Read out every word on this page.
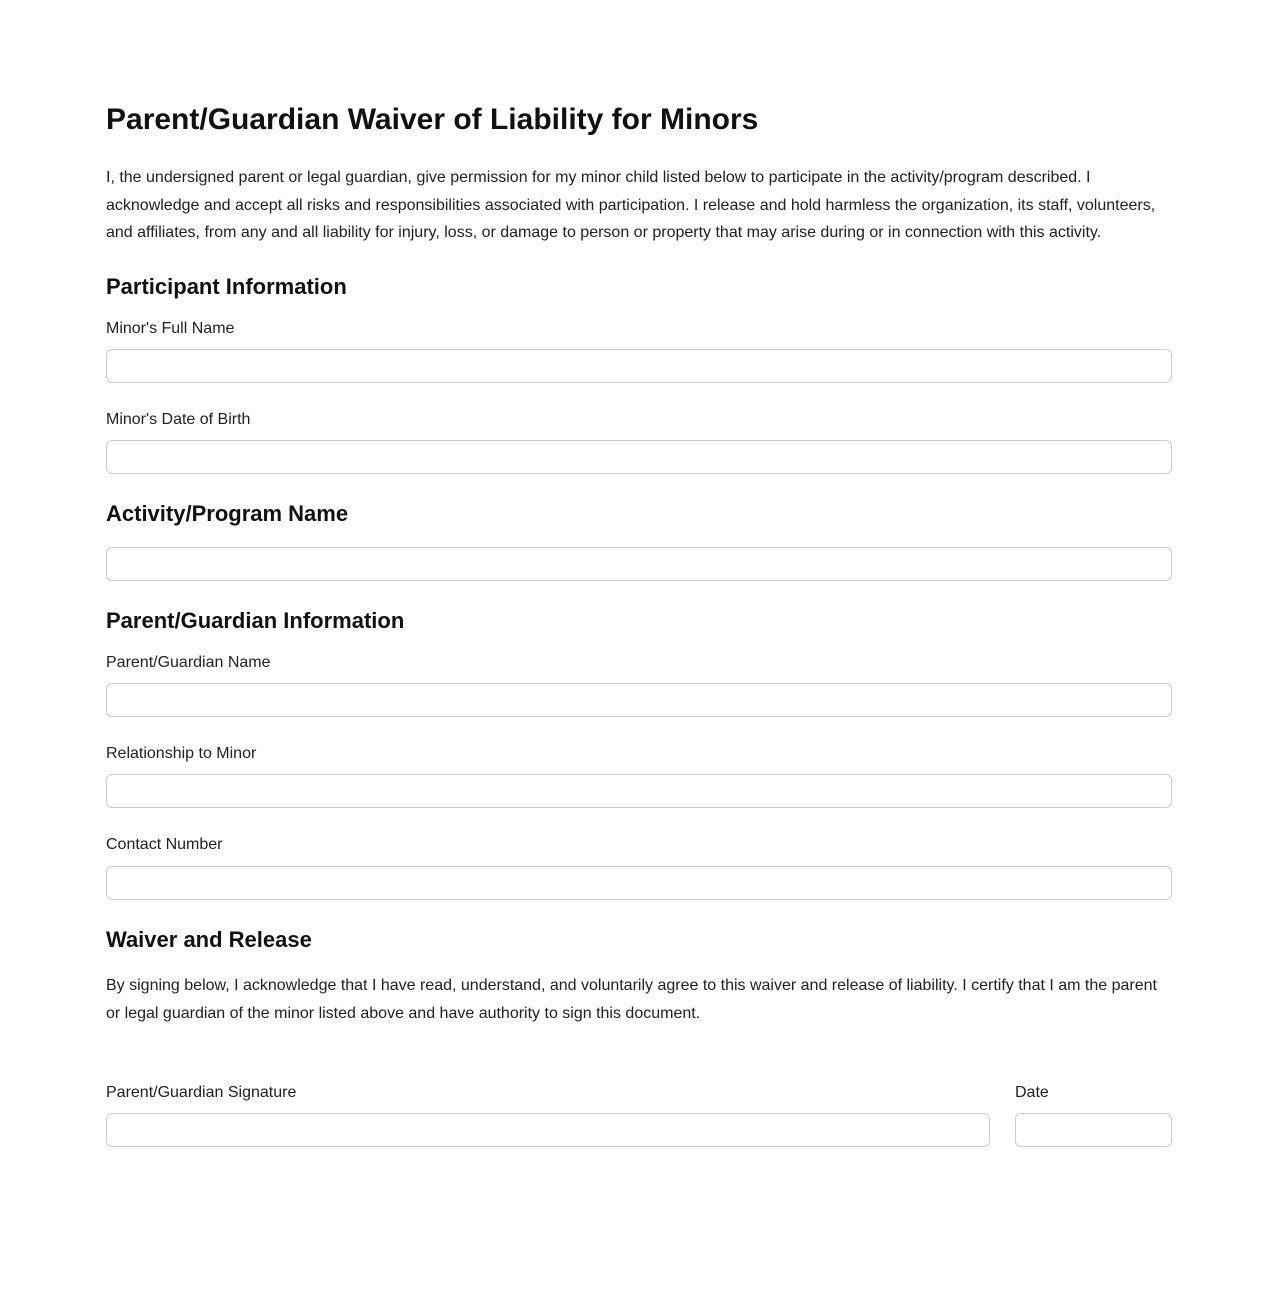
Parent/Guardian Waiver of Liability for Minors

I, the undersigned parent or legal guardian, give permission for my minor child listed below to participate in the activity/program described. I acknowledge and accept all risks and responsibilities associated with participation. I release and hold harmless the organization, its staff, volunteers, and affiliates, from any and all liability for injury, loss, or damage to person or property that may arise during or in connection with this activity.

Participant Information
Minor's Full Name
Minor's Date of Birth
Activity/Program Name
Parent/Guardian Information
Parent/Guardian Name
Relationship to Minor
Contact Number
Waiver and Release

By signing below, I acknowledge that I have read, understand, and voluntarily agree to this waiver and release of liability. I certify that I am the parent or legal guardian of the minor listed above and have authority to sign this document.

Parent/Guardian Signature	Date
